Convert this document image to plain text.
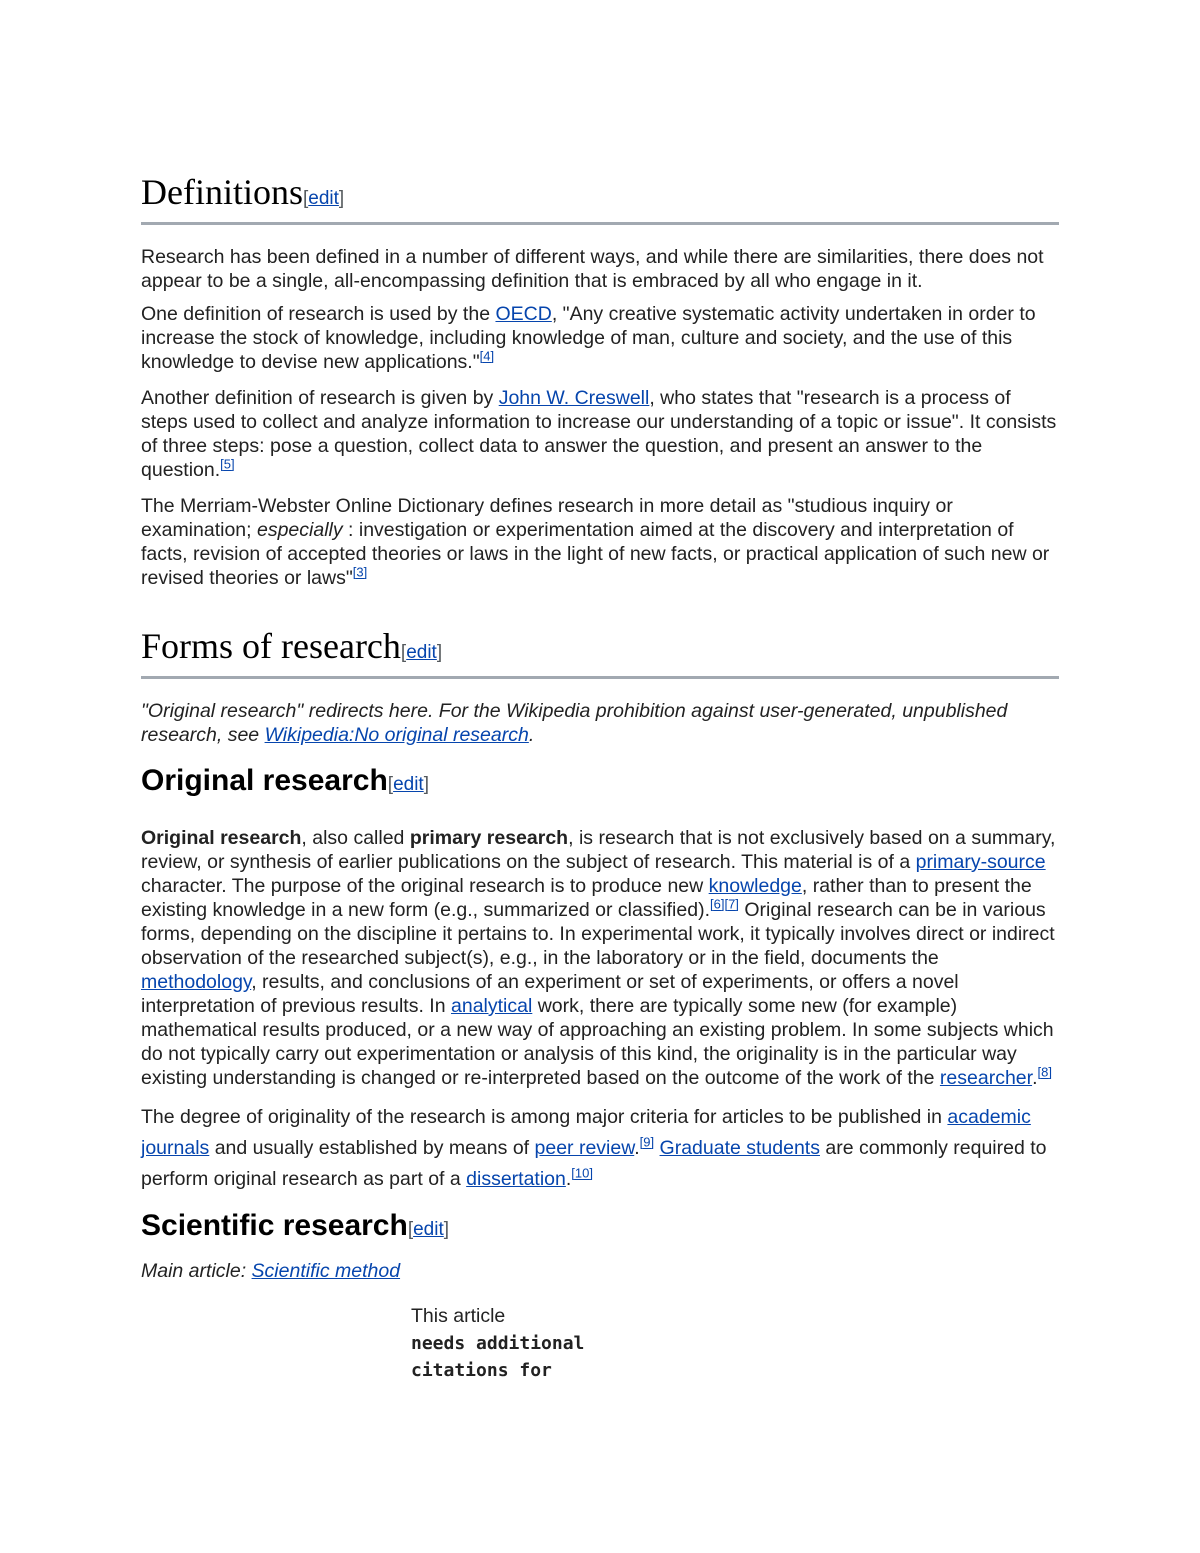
Definitions[edit]

Research has been defined in a number of different ways, and while there are similarities, there does not appear to be a single, all-encompassing definition that is embraced by all who engage in it.

One definition of research is used by the OECD, "Any creative systematic activity undertaken in order to increase the stock of knowledge, including knowledge of man, culture and society, and the use of this knowledge to devise new applications."[4]

Another definition of research is given by John W. Creswell, who states that "research is a process of steps used to collect and analyze information to increase our understanding of a topic or issue". It consists of three steps: pose a question, collect data to answer the question, and present an answer to the question.[5]

The Merriam-Webster Online Dictionary defines research in more detail as "studious inquiry or examination; especially : investigation or experimentation aimed at the discovery and interpretation of facts, revision of accepted theories or laws in the light of new facts, or practical application of such new or revised theories or laws"[3]

Forms of research[edit]

"Original research" redirects here. For the Wikipedia prohibition against user-generated, unpublished research, see Wikipedia:No original research.

Original research[edit]

Original research, also called primary research, is research that is not exclusively based on a summary, review, or synthesis of earlier publications on the subject of research. This material is of a primary-source character. The purpose of the original research is to produce new knowledge, rather than to present the existing knowledge in a new form (e.g., summarized or classified).[6][7] Original research can be in various forms, depending on the discipline it pertains to. In experimental work, it typically involves direct or indirect observation of the researched subject(s), e.g., in the laboratory or in the field, documents the methodology, results, and conclusions of an experiment or set of experiments, or offers a novel interpretation of previous results. In analytical work, there are typically some new (for example) mathematical results produced, or a new way of approaching an existing problem. In some subjects which do not typically carry out experimentation or analysis of this kind, the originality is in the particular way existing understanding is changed or re-interpreted based on the outcome of the work of the researcher.[8]

The degree of originality of the research is among major criteria for articles to be published in academic journals and usually established by means of peer review.[9] Graduate students are commonly required to perform original research as part of a dissertation.[10]

Scientific research[edit]

Main article: Scientific method

This article
needs additional citations for
